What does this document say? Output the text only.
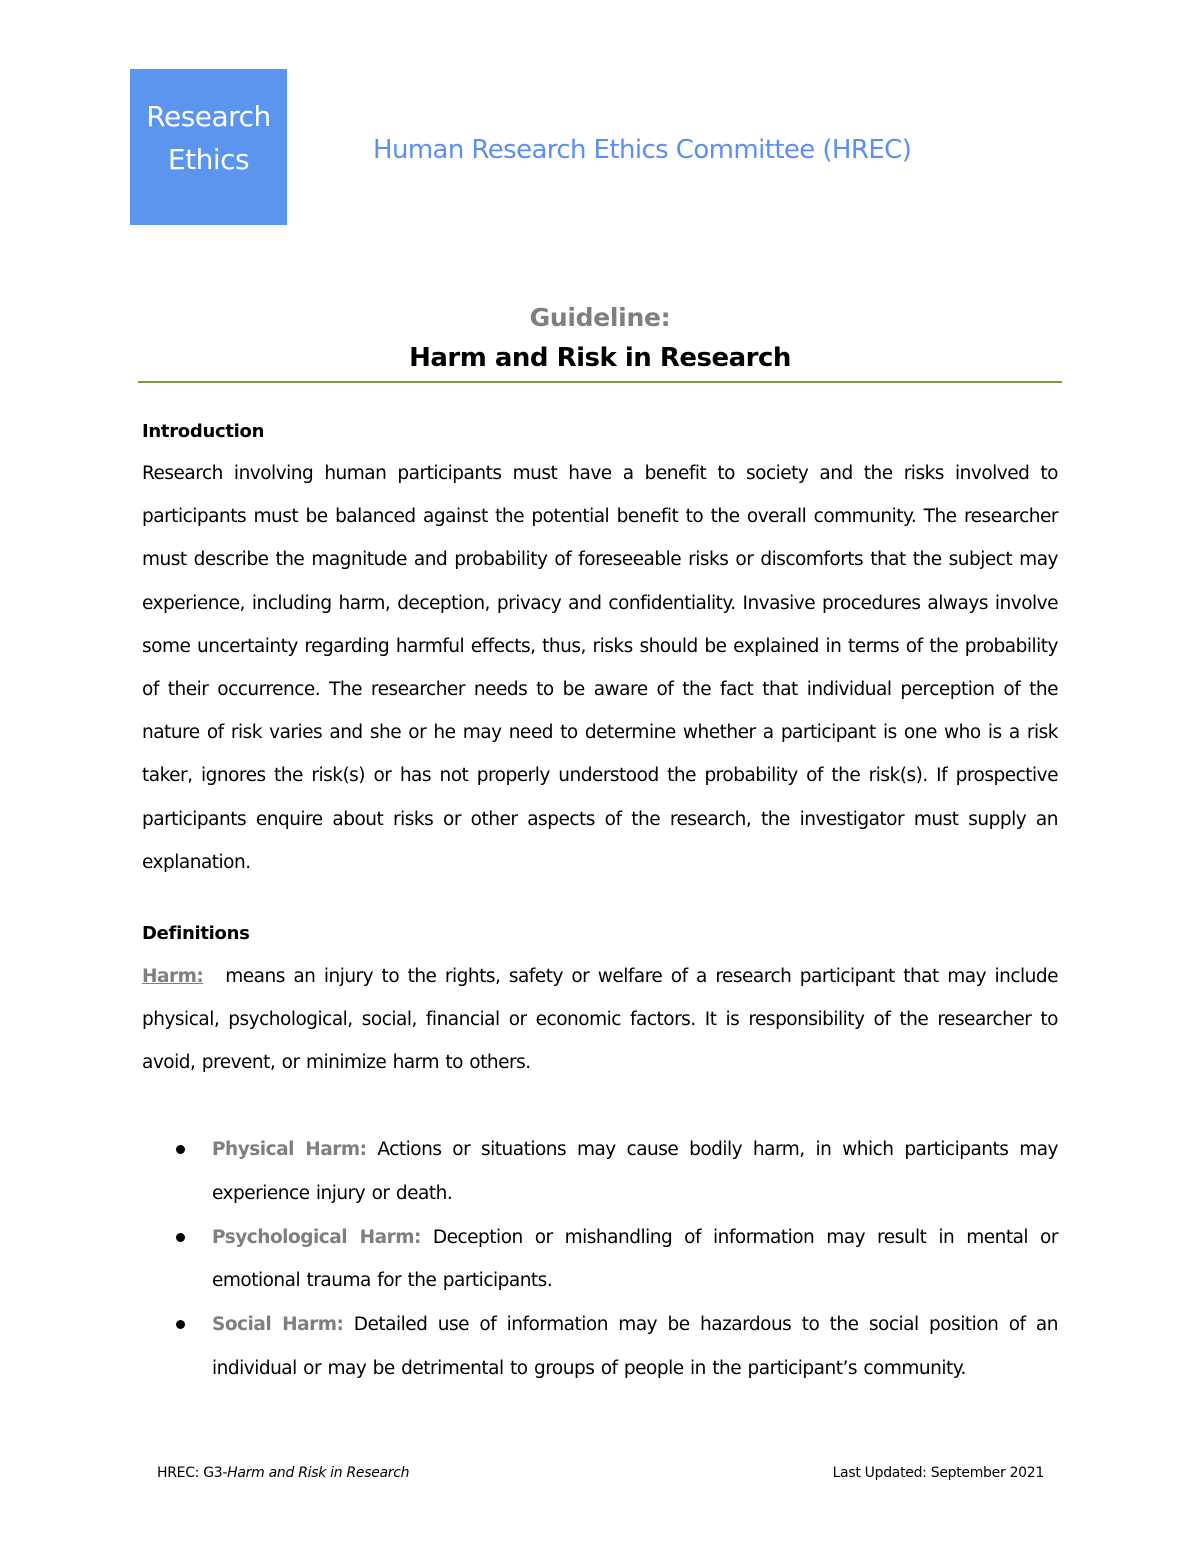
Research
Ethics	Human Research Ethics Committee (HREC)
Guideline:
Harm and Risk in Research
Introduction
Research involving human participants must have a benefit to society and the risks involved to participants must be balanced against the potential benefit to the overall community. The researcher must describe the magnitude and probability of foreseeable risks or discomforts that the subject may experience, including harm, deception, privacy and confidentiality. Invasive procedures always involve some uncertainty regarding harmful effects, thus, risks should be explained in terms of the probability of their occurrence. The researcher needs to be aware of the fact that individual perception of the nature of risk varies and she or he may need to determine whether a participant is one who is a risk taker, ignores the risk(s) or has not properly understood the probability of the risk(s). If prospective participants enquire about risks or other aspects of the research, the investigator must supply an explanation.
Definitions
Harm: means an injury to the rights, safety or welfare of a research participant that may include physical, psychological, social, financial or economic factors. It is responsibility of the researcher to avoid, prevent, or minimize harm to others.
Physical Harm: Actions or situations may cause bodily harm, in which participants may experience injury or death.
Psychological Harm: Deception or mishandling of information may result in mental or emotional trauma for the participants.
Social Harm: Detailed use of information may be hazardous to the social position of an individual or may be detrimental to groups of people in the participant’s community.
HREC: G3-Harm and Risk in Research	Last Updated: September 2021
